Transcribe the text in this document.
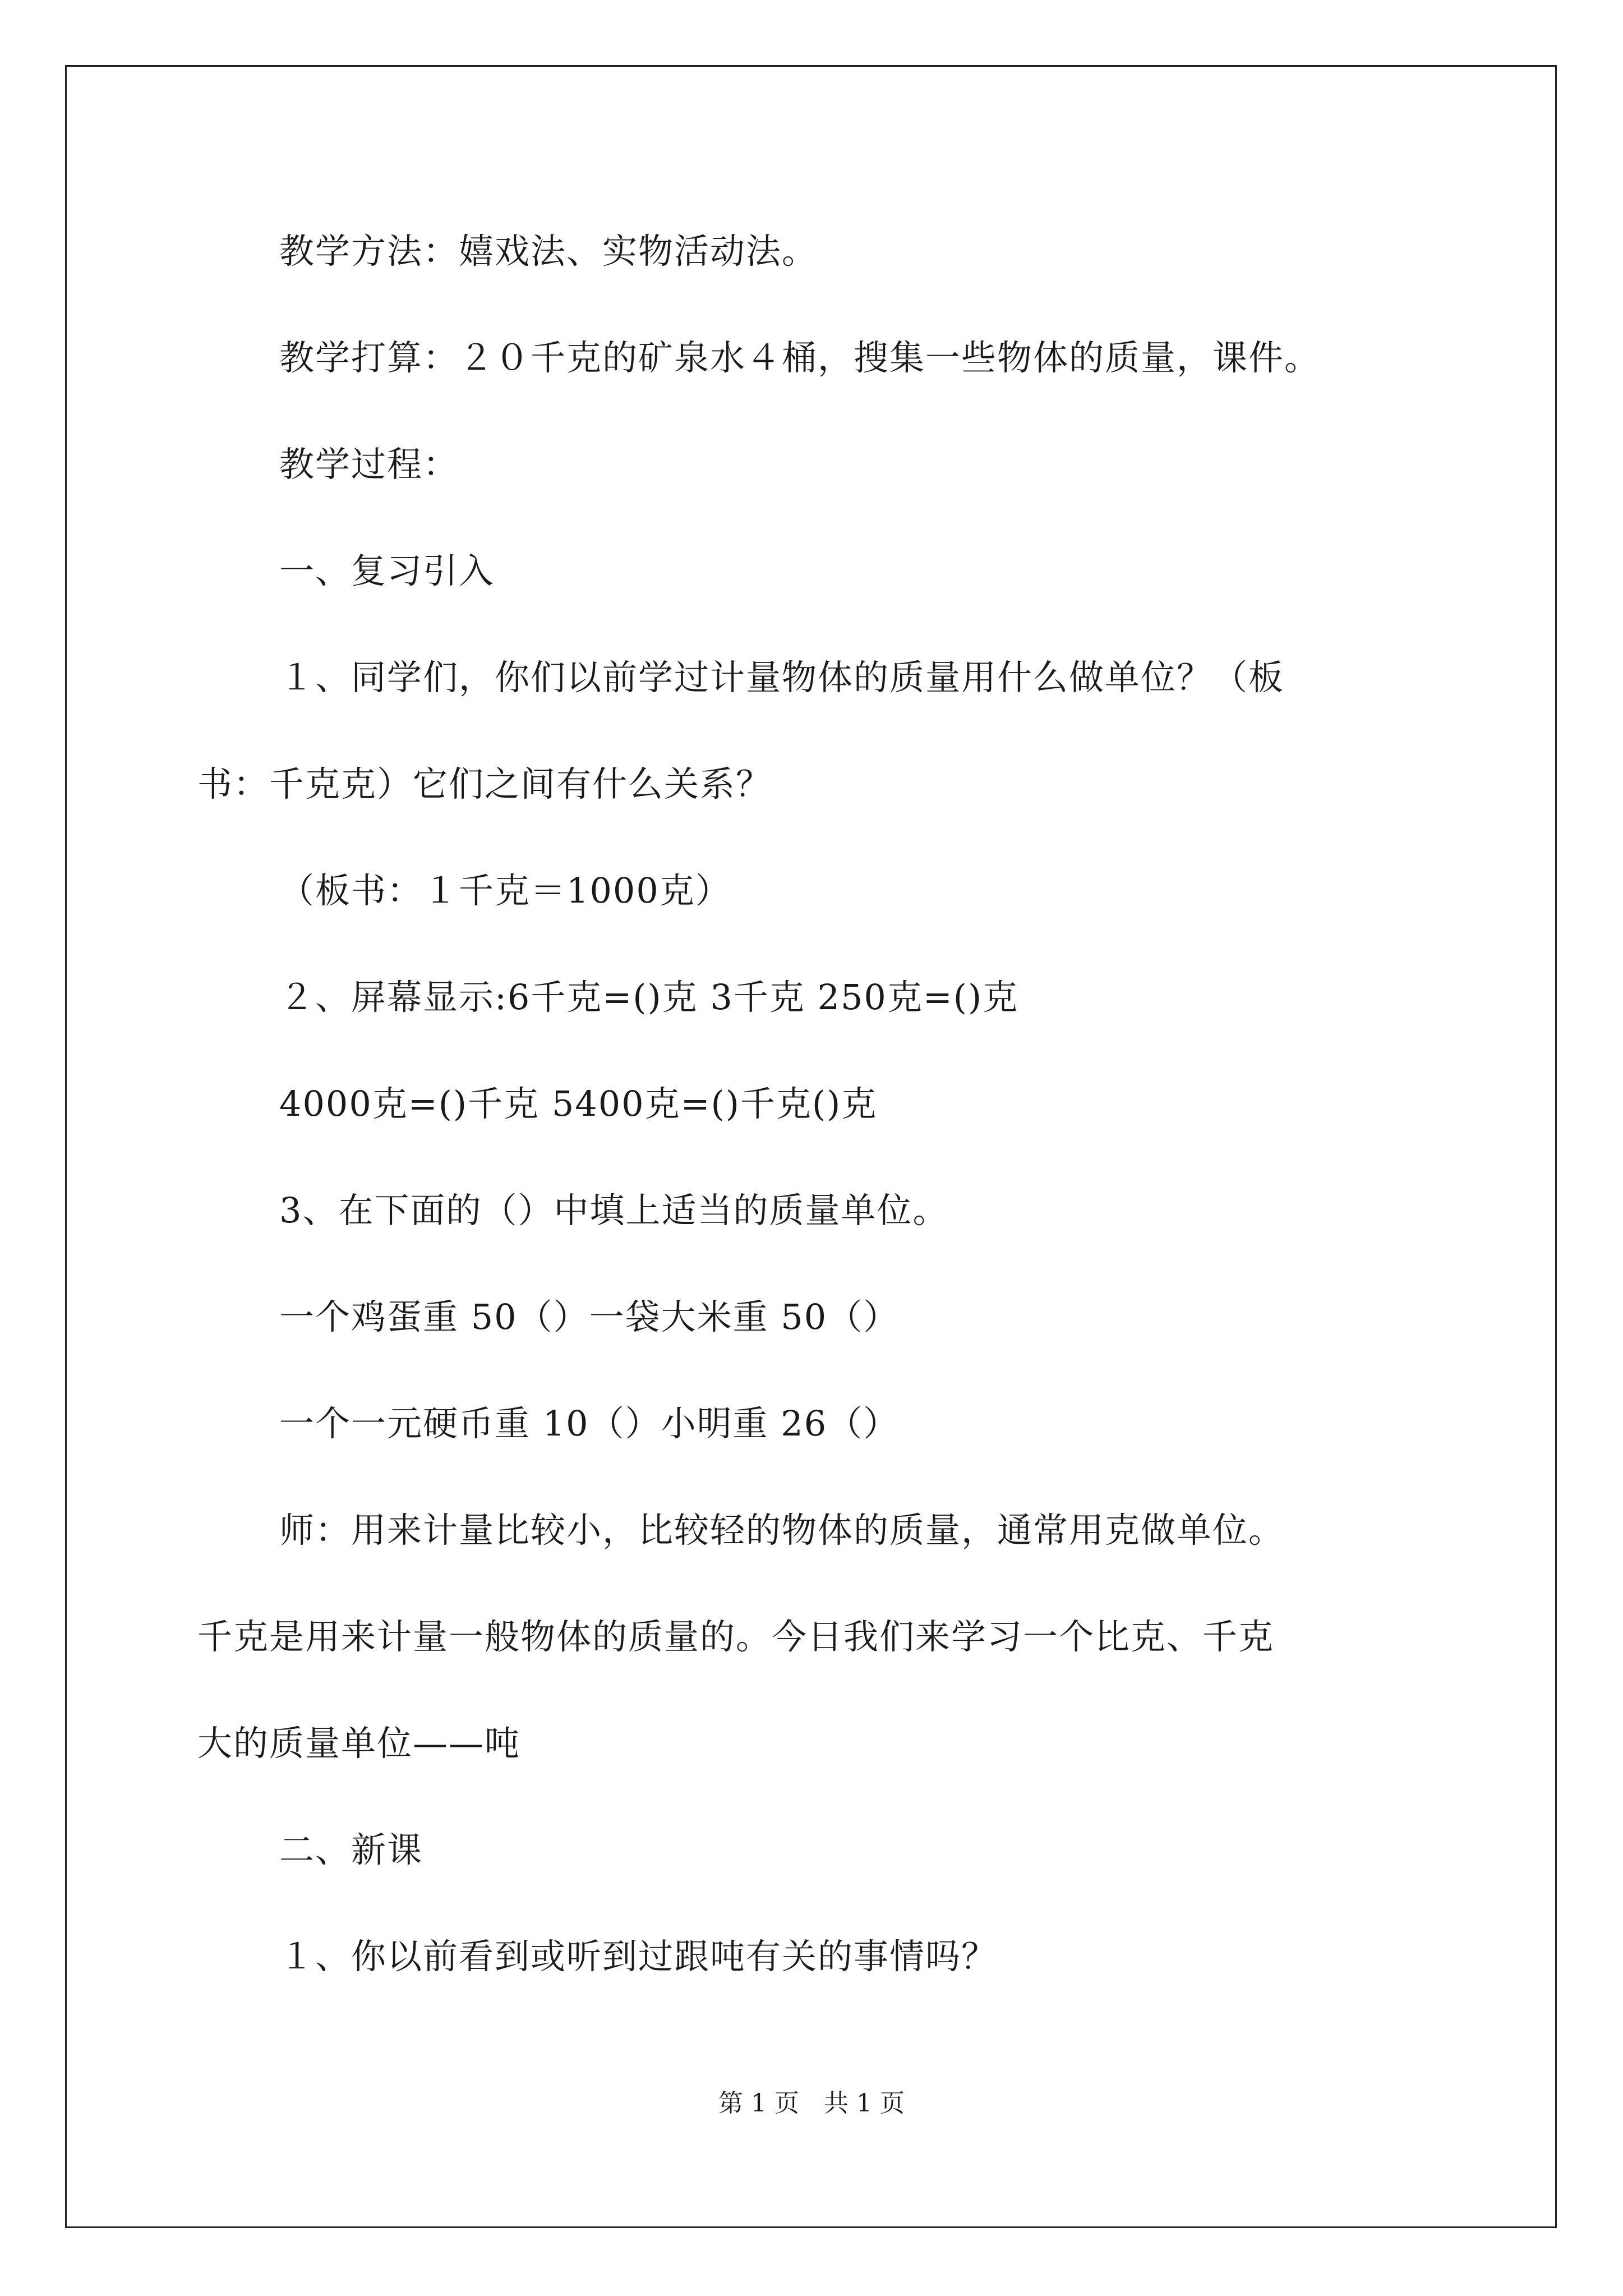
教学方法：嬉戏法、实物活动法。
教学打算：２０千克的矿泉水４桶，搜集一些物体的质量，课件。
教学过程：
一、复习引入
１、同学们，你们以前学过计量物体的质量用什么做单位？（板
书：千克克）它们之间有什么关系？
（板书：１千克＝1000克）
２、屏幕显示:6千克=()克 3千克 250克=()克
4000克=()千克 5400克=()千克()克
3、在下面的（）中填上适当的质量单位。
一个鸡蛋重 50（）一袋大米重 50（）
一个一元硬币重 10（）小明重 26（）
师：用来计量比较小，比较轻的物体的质量，通常用克做单位。
千克是用来计量一般物体的质量的。今日我们来学习一个比克、千克
大的质量单位——吨
二、新课
１、你以前看到或听到过跟吨有关的事情吗？
第 1 页　共 1 页
